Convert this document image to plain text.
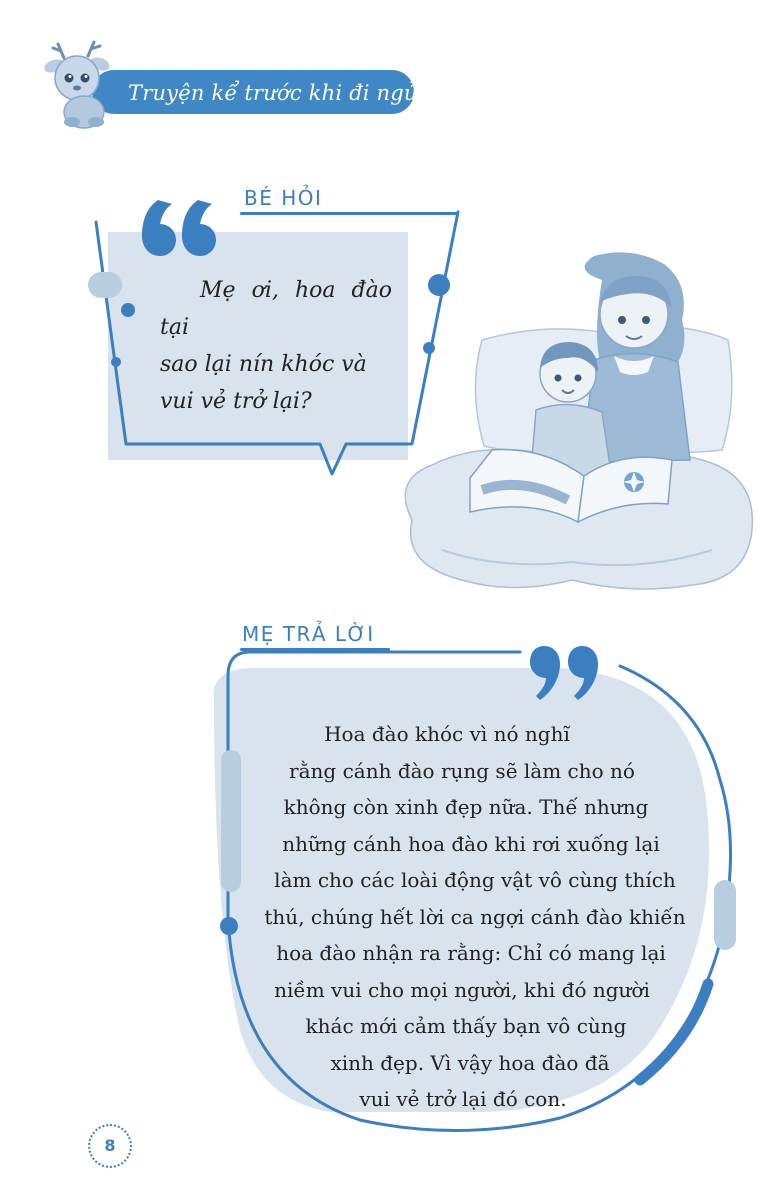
Truyện kể trước khi đi ngủ
BÉ HỎI
Mẹ ơi, hoa đào tại
sao lại nín khóc và
vui vẻ trở lại?
MẸ TRẢ LỜI
Hoa đào khóc vì nó nghĩ
rằng cánh đào rụng sẽ làm cho nó
không còn xinh đẹp nữa. Thế nhưng
những cánh hoa đào khi rơi xuống lại
làm cho các loài động vật vô cùng thích
thú, chúng hết lời ca ngợi cánh đào khiến
hoa đào nhận ra rằng: Chỉ có mang lại
niềm vui cho mọi người, khi đó người
khác mới cảm thấy bạn vô cùng
xinh đẹp. Vì vậy hoa đào đã
vui vẻ trở lại đó con.
8
